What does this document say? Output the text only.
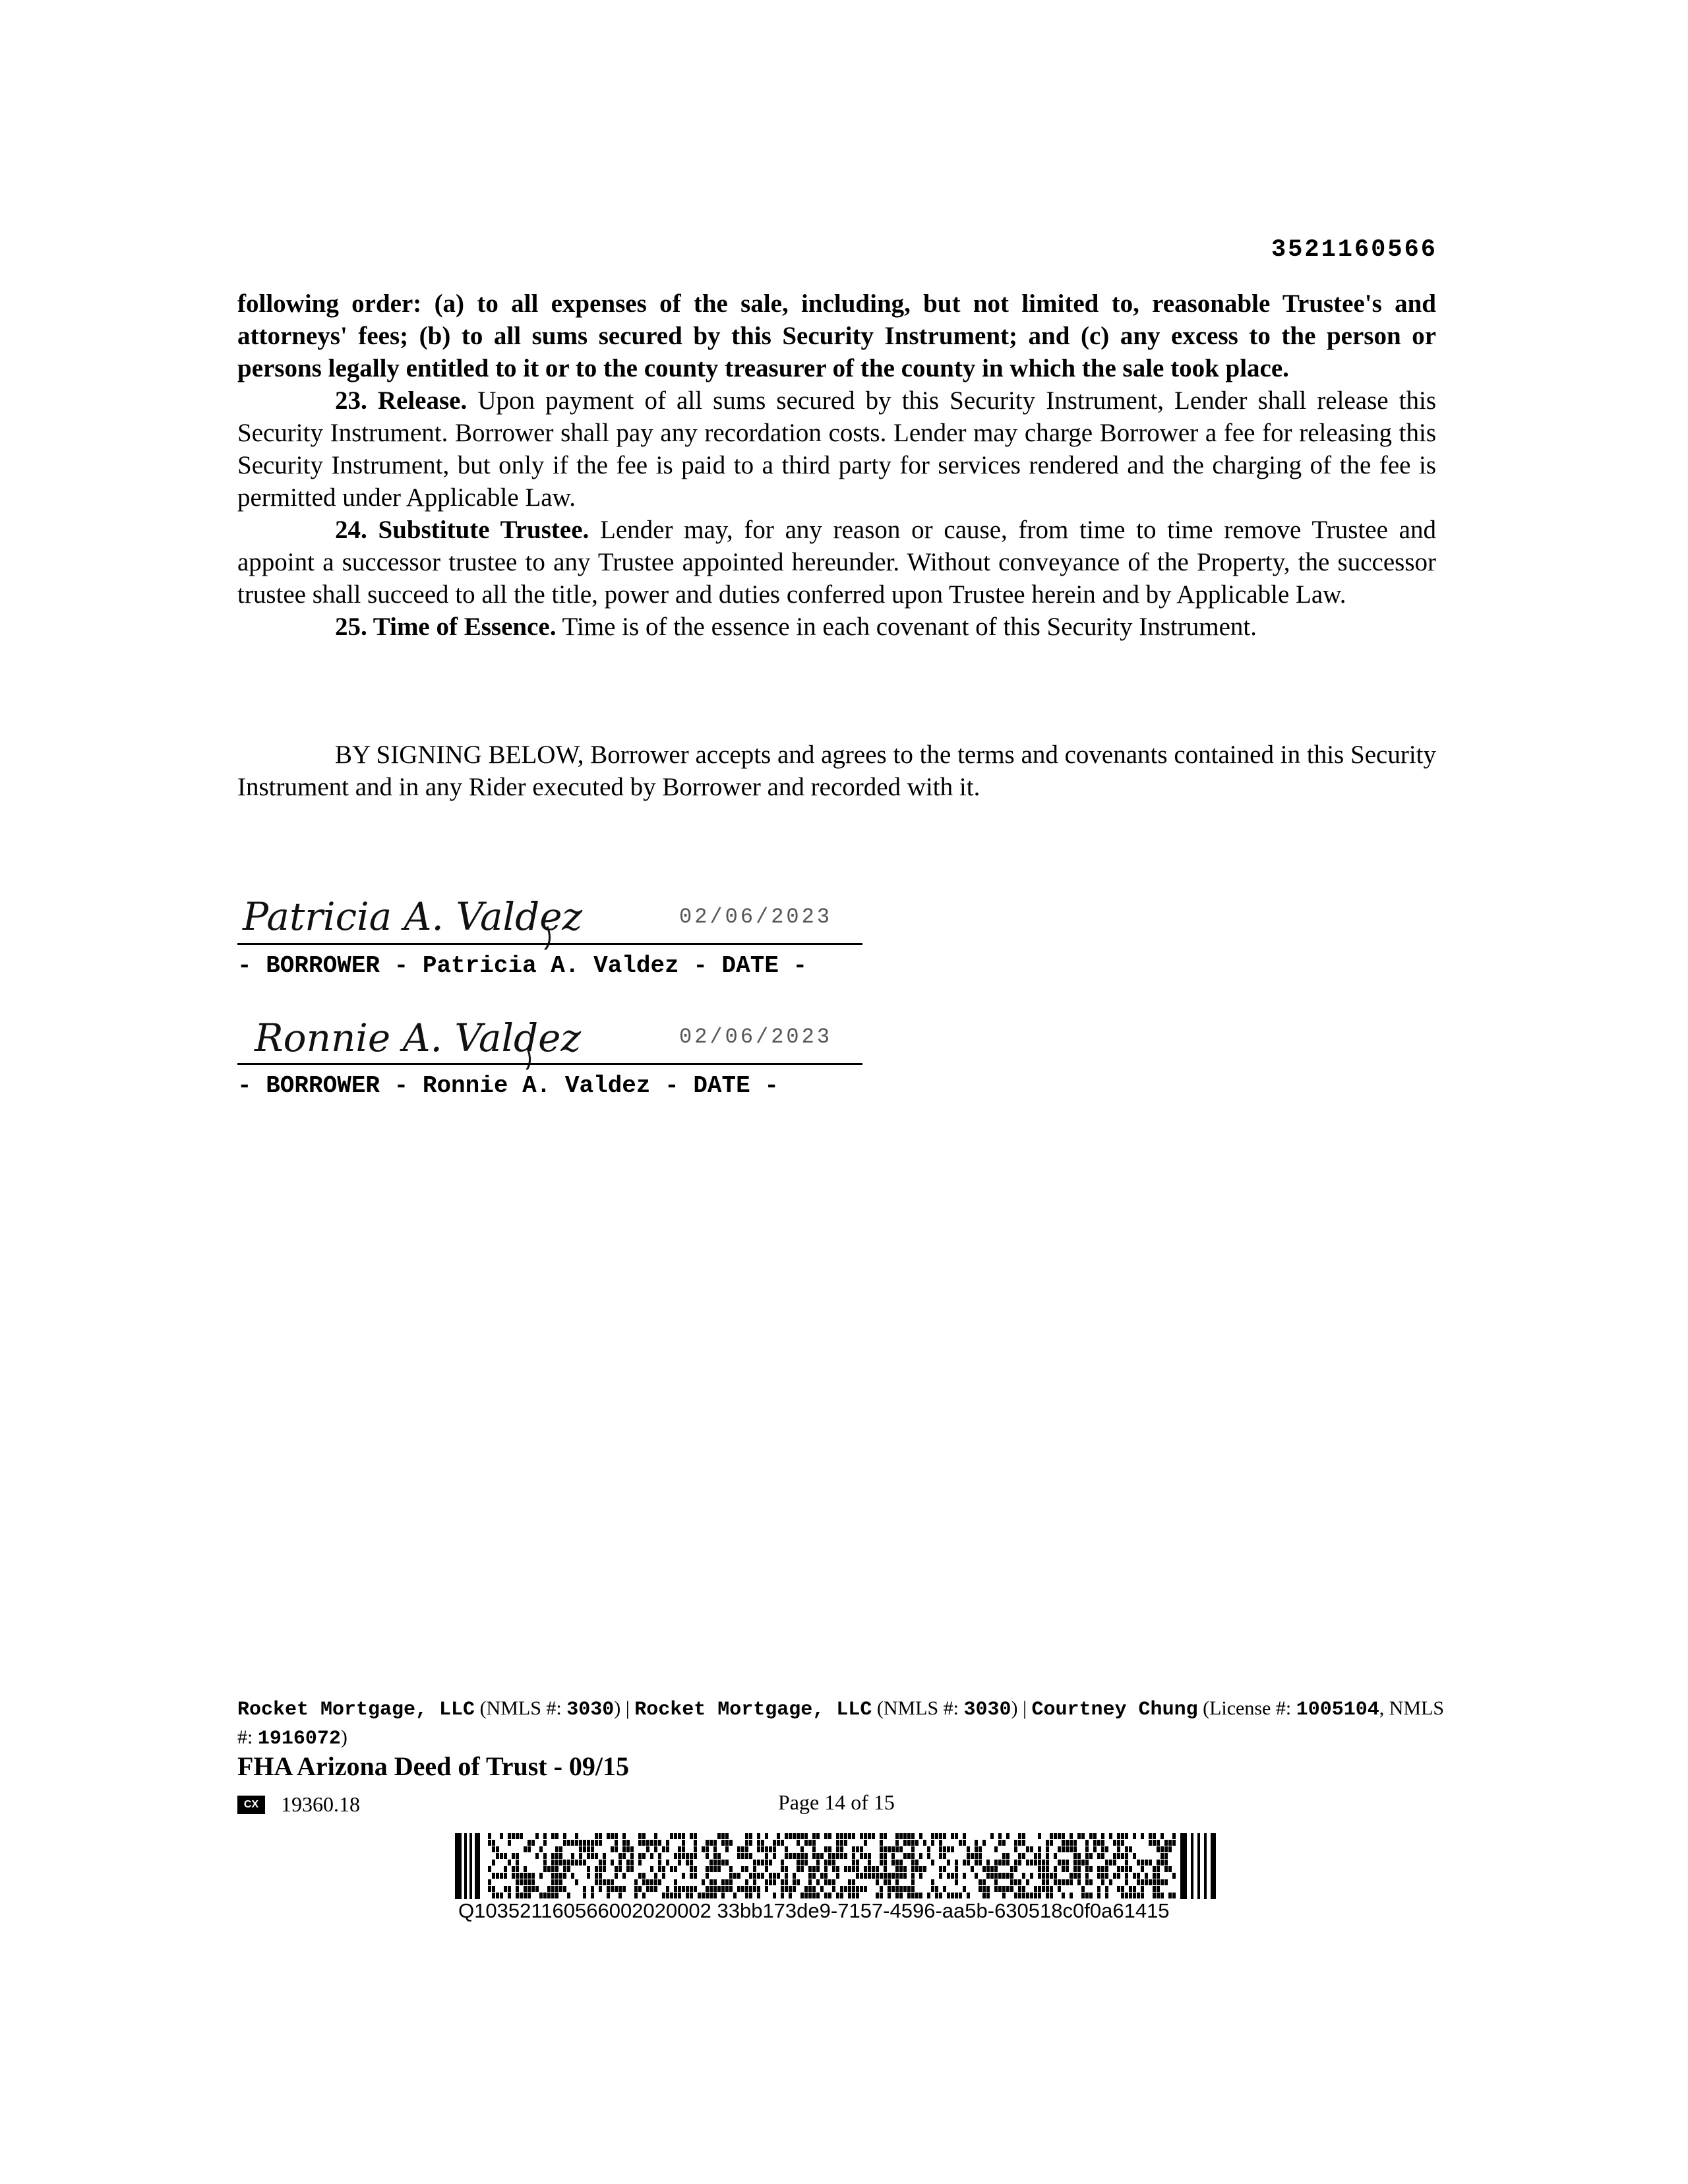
3521160566

following order: (a) to all expenses of the sale, including, but not limited to, reasonable Trustee's and attorneys' fees; (b) to all sums secured by this Security Instrument; and (c) any excess to the person or persons legally entitled to it or to the county treasurer of the county in which the sale took place.

23. Release. Upon payment of all sums secured by this Security Instrument, Lender shall release this Security Instrument. Borrower shall pay any recordation costs. Lender may charge Borrower a fee for releasing this Security Instrument, but only if the fee is paid to a third party for services rendered and the charging of the fee is permitted under Applicable Law.

24. Substitute Trustee. Lender may, for any reason or cause, from time to time remove Trustee and appoint a successor trustee to any Trustee appointed hereunder. Without conveyance of the Property, the successor trustee shall succeed to all the title, power and duties conferred upon Trustee herein and by Applicable Law.

25. Time of Essence. Time is of the essence in each covenant of this Security Instrument.

BY SIGNING BELOW, Borrower accepts and agrees to the terms and covenants contained in this Security Instrument and in any Rider executed by Borrower and recorded with it.

Patricia A. Valdez	02/06/2023
- BORROWER - Patricia A. Valdez - DATE -
Ronnie A. Valdez	02/06/2023
- BORROWER - Ronnie A. Valdez - DATE -
Rocket Mortgage, LLC (NMLS #: 3030) | Rocket Mortgage, LLC (NMLS #: 3030) | Courtney Chung (License #: 1005104, NMLS #: 1916072)
FHA Arizona Deed of Trust - 09/15
CX 19360.18	Page 14 of 15
Q103521160566002020002 33bb173de9-7157-4596-aa5b-630518c0f0a61415
